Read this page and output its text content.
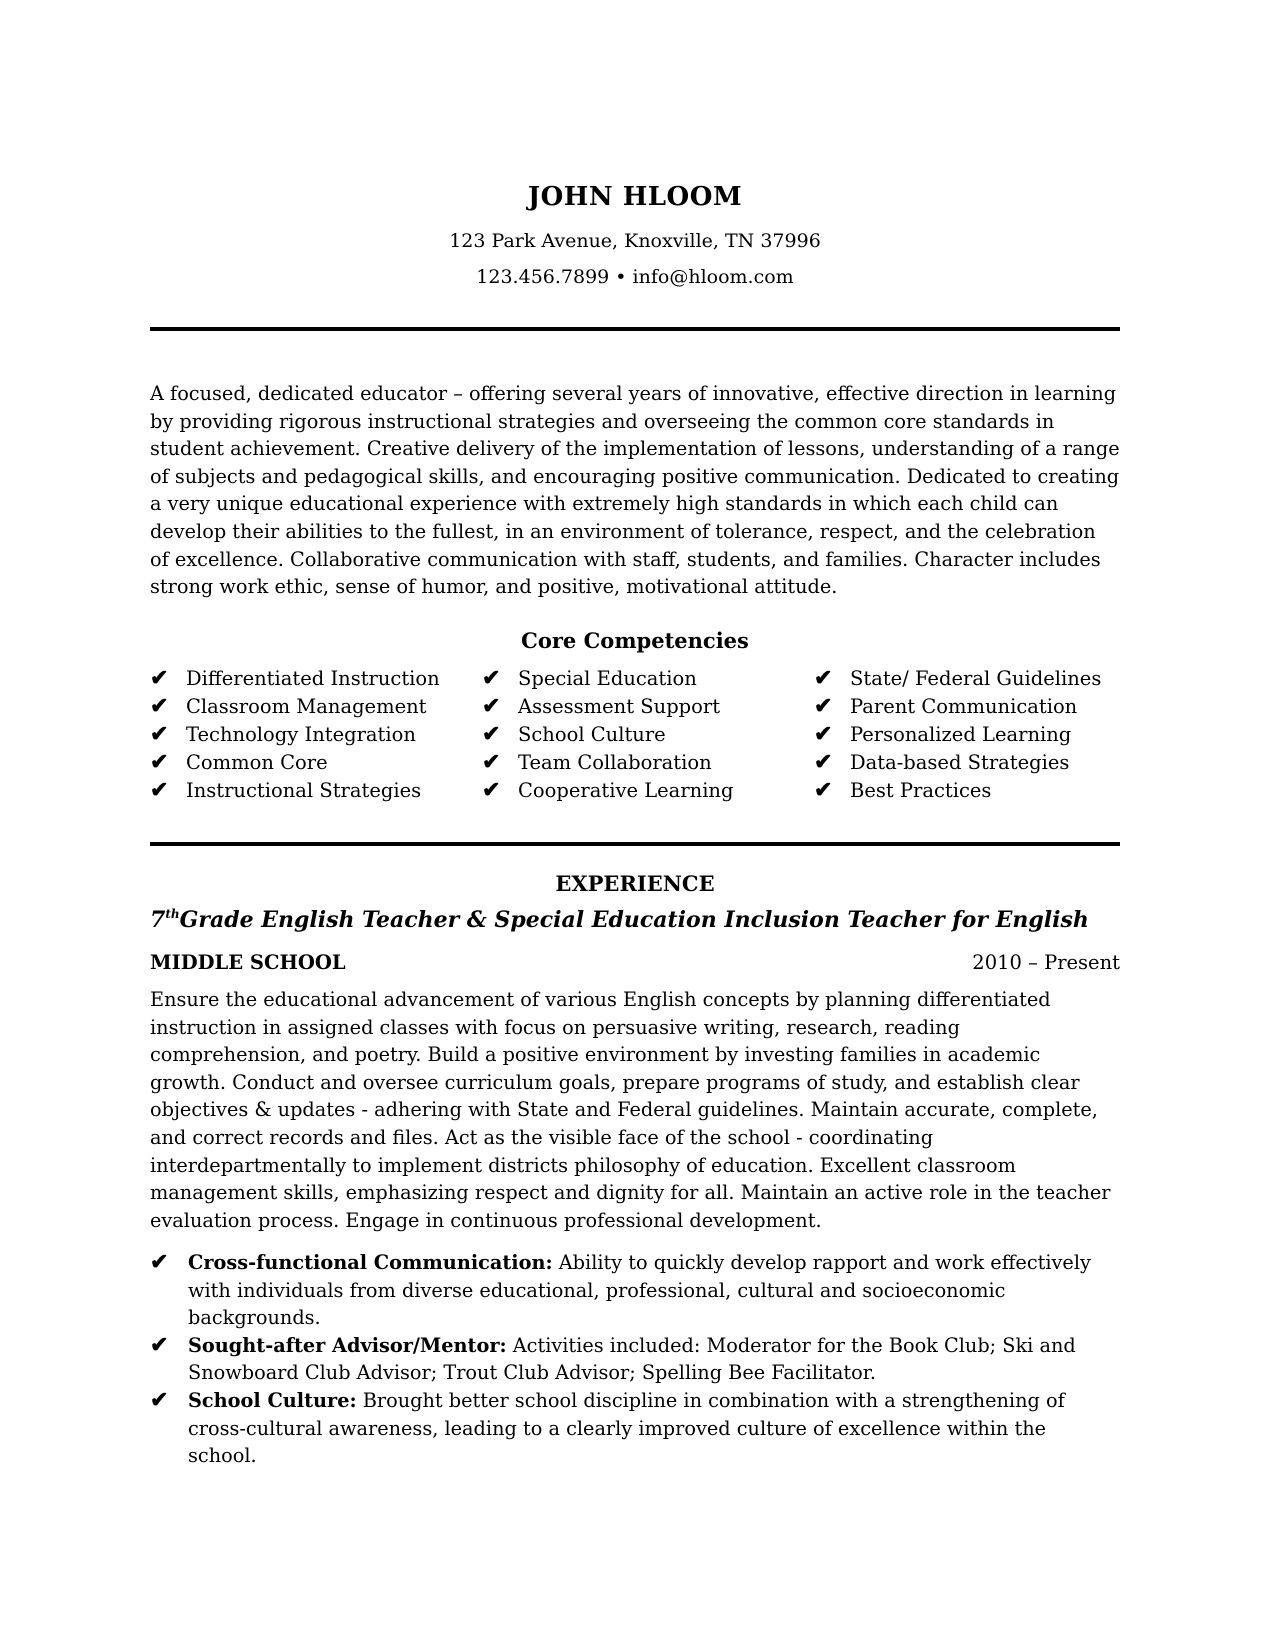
JOHN HLOOM
123 Park Avenue, Knoxville, TN 37996
123.456.7899 • info@hloom.com

A focused, dedicated educator – offering several years of innovative, effective direction in learning by providing rigorous instructional strategies and overseeing the common core standards in student achievement. Creative delivery of the implementation of lessons, understanding of a range of subjects and pedagogical skills, and encouraging positive communication. Dedicated to creating a very unique educational experience with extremely high standards in which each child can develop their abilities to the fullest, in an environment of tolerance, respect, and the celebration of excellence. Collaborative communication with staff, students, and families. Character includes strong work ethic, sense of humor, and positive, motivational attitude.

Core Competencies
✔ Differentiated Instruction
✔ Classroom Management
✔ Technology Integration
✔ Common Core
✔ Instructional Strategies
✔ Special Education
✔ Assessment Support
✔ School Culture
✔ Team Collaboration
✔ Cooperative Learning
✔ State/ Federal Guidelines
✔ Parent Communication
✔ Personalized Learning
✔ Data-based Strategies
✔ Best Practices
EXPERIENCE
7thGrade English Teacher & Special Education Inclusion Teacher for English
MIDDLE SCHOOL	2010 – Present

Ensure the educational advancement of various English concepts by planning differentiated instruction in assigned classes with focus on persuasive writing, research, reading comprehension, and poetry. Build a positive environment by investing families in academic growth. Conduct and oversee curriculum goals, prepare programs of study, and establish clear objectives & updates - adhering with State and Federal guidelines. Maintain accurate, complete, and correct records and files. Act as the visible face of the school - coordinating interdepartmentally to implement districts philosophy of education. Excellent classroom management skills, emphasizing respect and dignity for all. Maintain an active role in the teacher evaluation process. Engage in continuous professional development.

✔	Cross-functional Communication: Ability to quickly develop rapport and work effectively with individuals from diverse educational, professional, cultural and socioeconomic backgrounds.
✔	Sought-after Advisor/Mentor: Activities included: Moderator for the Book Club; Ski and Snowboard Club Advisor; Trout Club Advisor; Spelling Bee Facilitator.
✔	School Culture: Brought better school discipline in combination with a strengthening of cross-cultural awareness, leading to a clearly improved culture of excellence within the school.
